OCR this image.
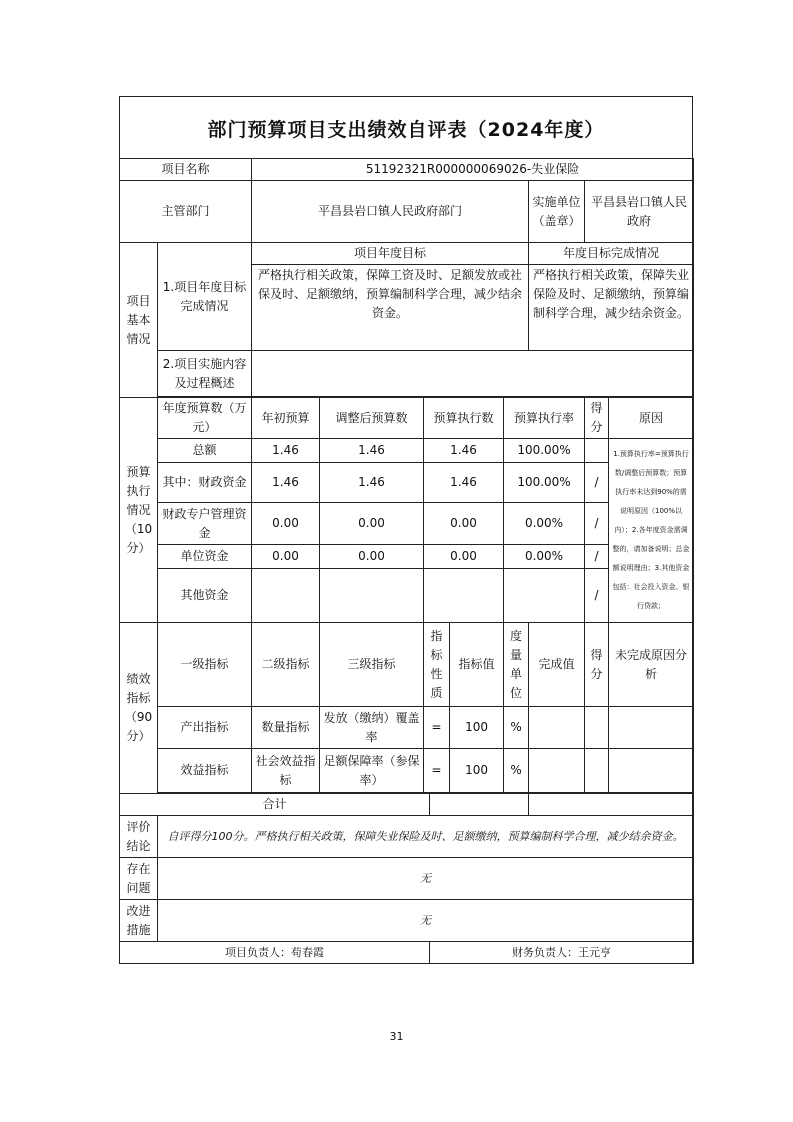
部门预算项目支出绩效自评表（2024年度）
项目名称		51192321R000000069026-失业保险								
主管部门		平昌县岩口镇人民政府部门						实施单位（盖章）	平昌县岩口镇人民政府	
项目基本情况	1.项目年度目标完成情况	项目年度目标						年度目标完成情况		
		严格执行相关政策，保障工资及时、足额发放或社保及时、足额缴纳，预算编制科学合理，减少结余资金。						严格执行相关政策，保障失业保险及时、足额缴纳，预算编制科学合理，减少结余资金。		
	2.项目实施内容及过程概述									

预算执行情况（10分）	年度预算数（万元）	年初预算	调整后预算数	预算执行数			预算执行率		得分	原因
	总额	1.46	1.46	1.46			100.00%			1.预算执行率=预算执行数/调整后预算数；预算执行率未达到90%的需说明原因（100%以内）；2.各年度资金需调整的，请加备说明；总金额说明理由；3.其他资金包括：社会投入资金、银行贷款；
	其中：财政资金	1.46	1.46	1.46			100.00%		/	
	财政专户管理资金	0.00	0.00	0.00			0.00%		/	
	单位资金	0.00	0.00	0.00			0.00%		/	
	其他资金								/	
绩效指标（90分）	一级指标	二级指标	三级指标	指标性质		指标值	度量单位	完成值	得分	未完成原因分析
	产出指标	数量指标	发放（缴纳）覆盖率	=		100	%			
	效益指标	社会效益指标	足额保障率（参保率）	=		100	%			

合计										
评价结论	自评得分100分。严格执行相关政策，保障失业保险及时、足额缴纳，预算编制科学合理，减少结余资金。									
存在问题	无									
改进措施	无									
项目负责人：苟春霞					财务负责人：王元亨					
31
